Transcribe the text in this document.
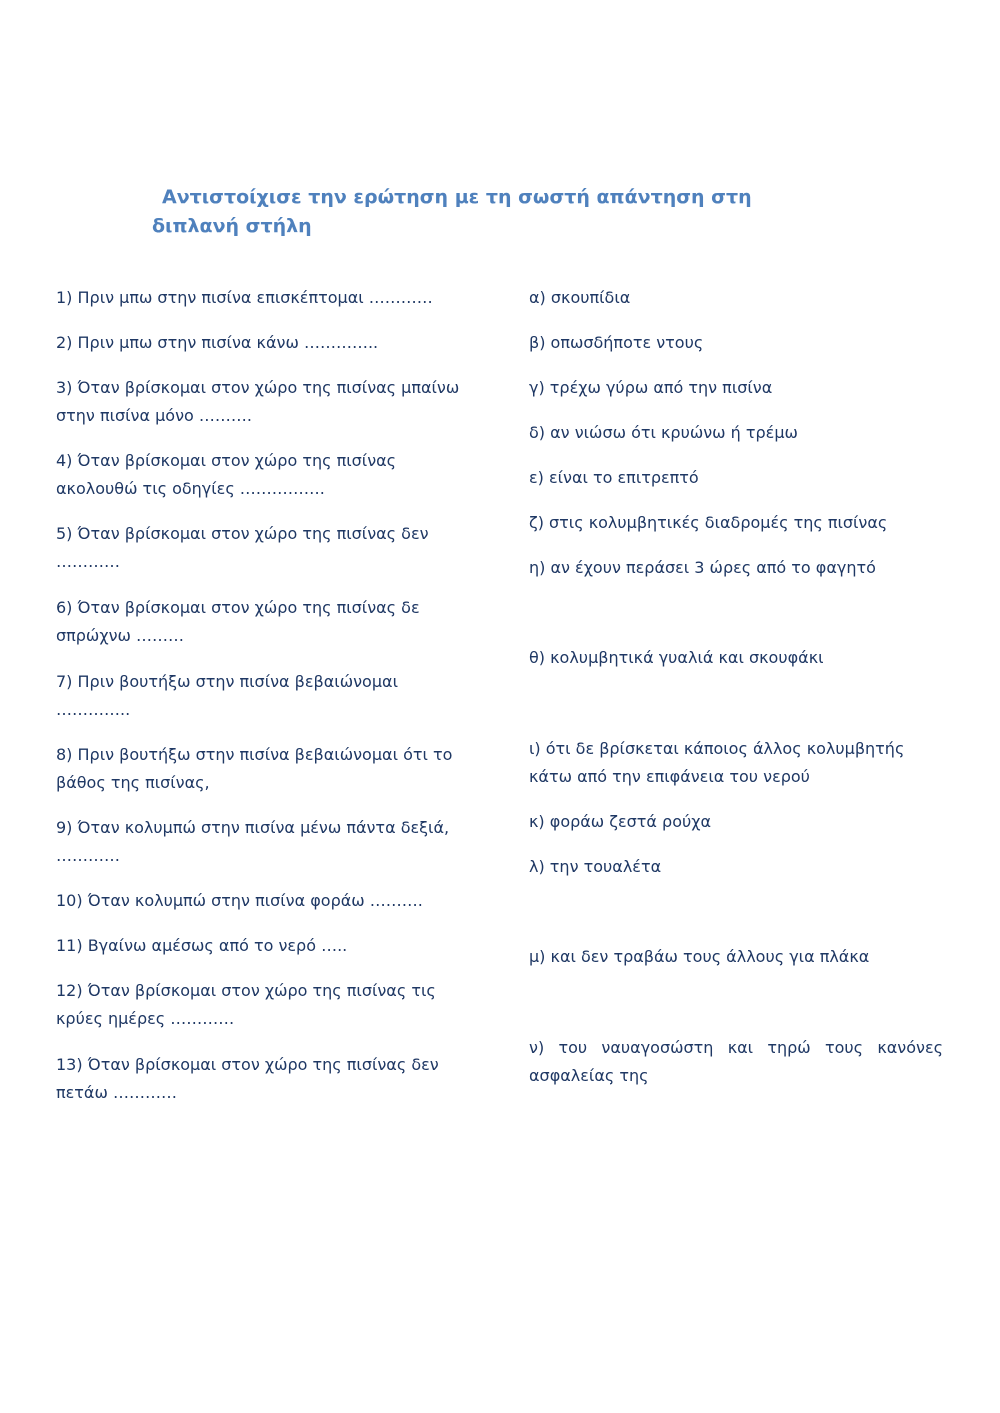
Αντιστοίχισε την ερώτηση με τη σωστή απάντηση στη διπλανή στήλη

1) Πριν μπω στην πισίνα επισκέπτομαι …………

2) Πριν μπω στην πισίνα κάνω …………..

3) Όταν βρίσκομαι στον χώρο της πισίνας μπαίνω στην πισίνα μόνο ……….

4) Όταν βρίσκομαι στον χώρο της πισίνας ακολουθώ τις οδηγίες …………….

5) Όταν βρίσκομαι στον χώρο της πισίνας δεν …………

6) Όταν βρίσκομαι στον χώρο της πισίνας δε σπρώχνω ………

7) Πριν βουτήξω στην πισίνα βεβαιώνομαι …………..

8) Πριν βουτήξω στην πισίνα βεβαιώνομαι ότι το βάθος της πισίνας,

9) Όταν κολυμπώ στην πισίνα μένω πάντα δεξιά, …………

10) Όταν κολυμπώ στην πισίνα φοράω ……….

11) Βγαίνω αμέσως από το νερό …..

12) Όταν βρίσκομαι στον χώρο της πισίνας τις κρύες ημέρες …………

13) Όταν βρίσκομαι στον χώρο της πισίνας δεν πετάω …………

α) σκουπίδια

β) οπωσδήποτε ντους

γ) τρέχω γύρω από την πισίνα

δ) αν νιώσω ότι κρυώνω ή τρέμω

ε) είναι το επιτρεπτό

ζ) στις κολυμβητικές διαδρομές της πισίνας

η) αν έχουν περάσει 3 ώρες από το φαγητό

θ) κολυμβητικά γυαλιά και σκουφάκι

ι) ότι δε βρίσκεται κάποιος άλλος κολυμβητής κάτω από την επιφάνεια του νερού

κ) φοράω ζεστά ρούχα

λ) την τουαλέτα

μ) και δεν τραβάω τους άλλους για πλάκα

ν) του ναυαγοσώστη και τηρώ τους κανόνες ασφαλείας της
